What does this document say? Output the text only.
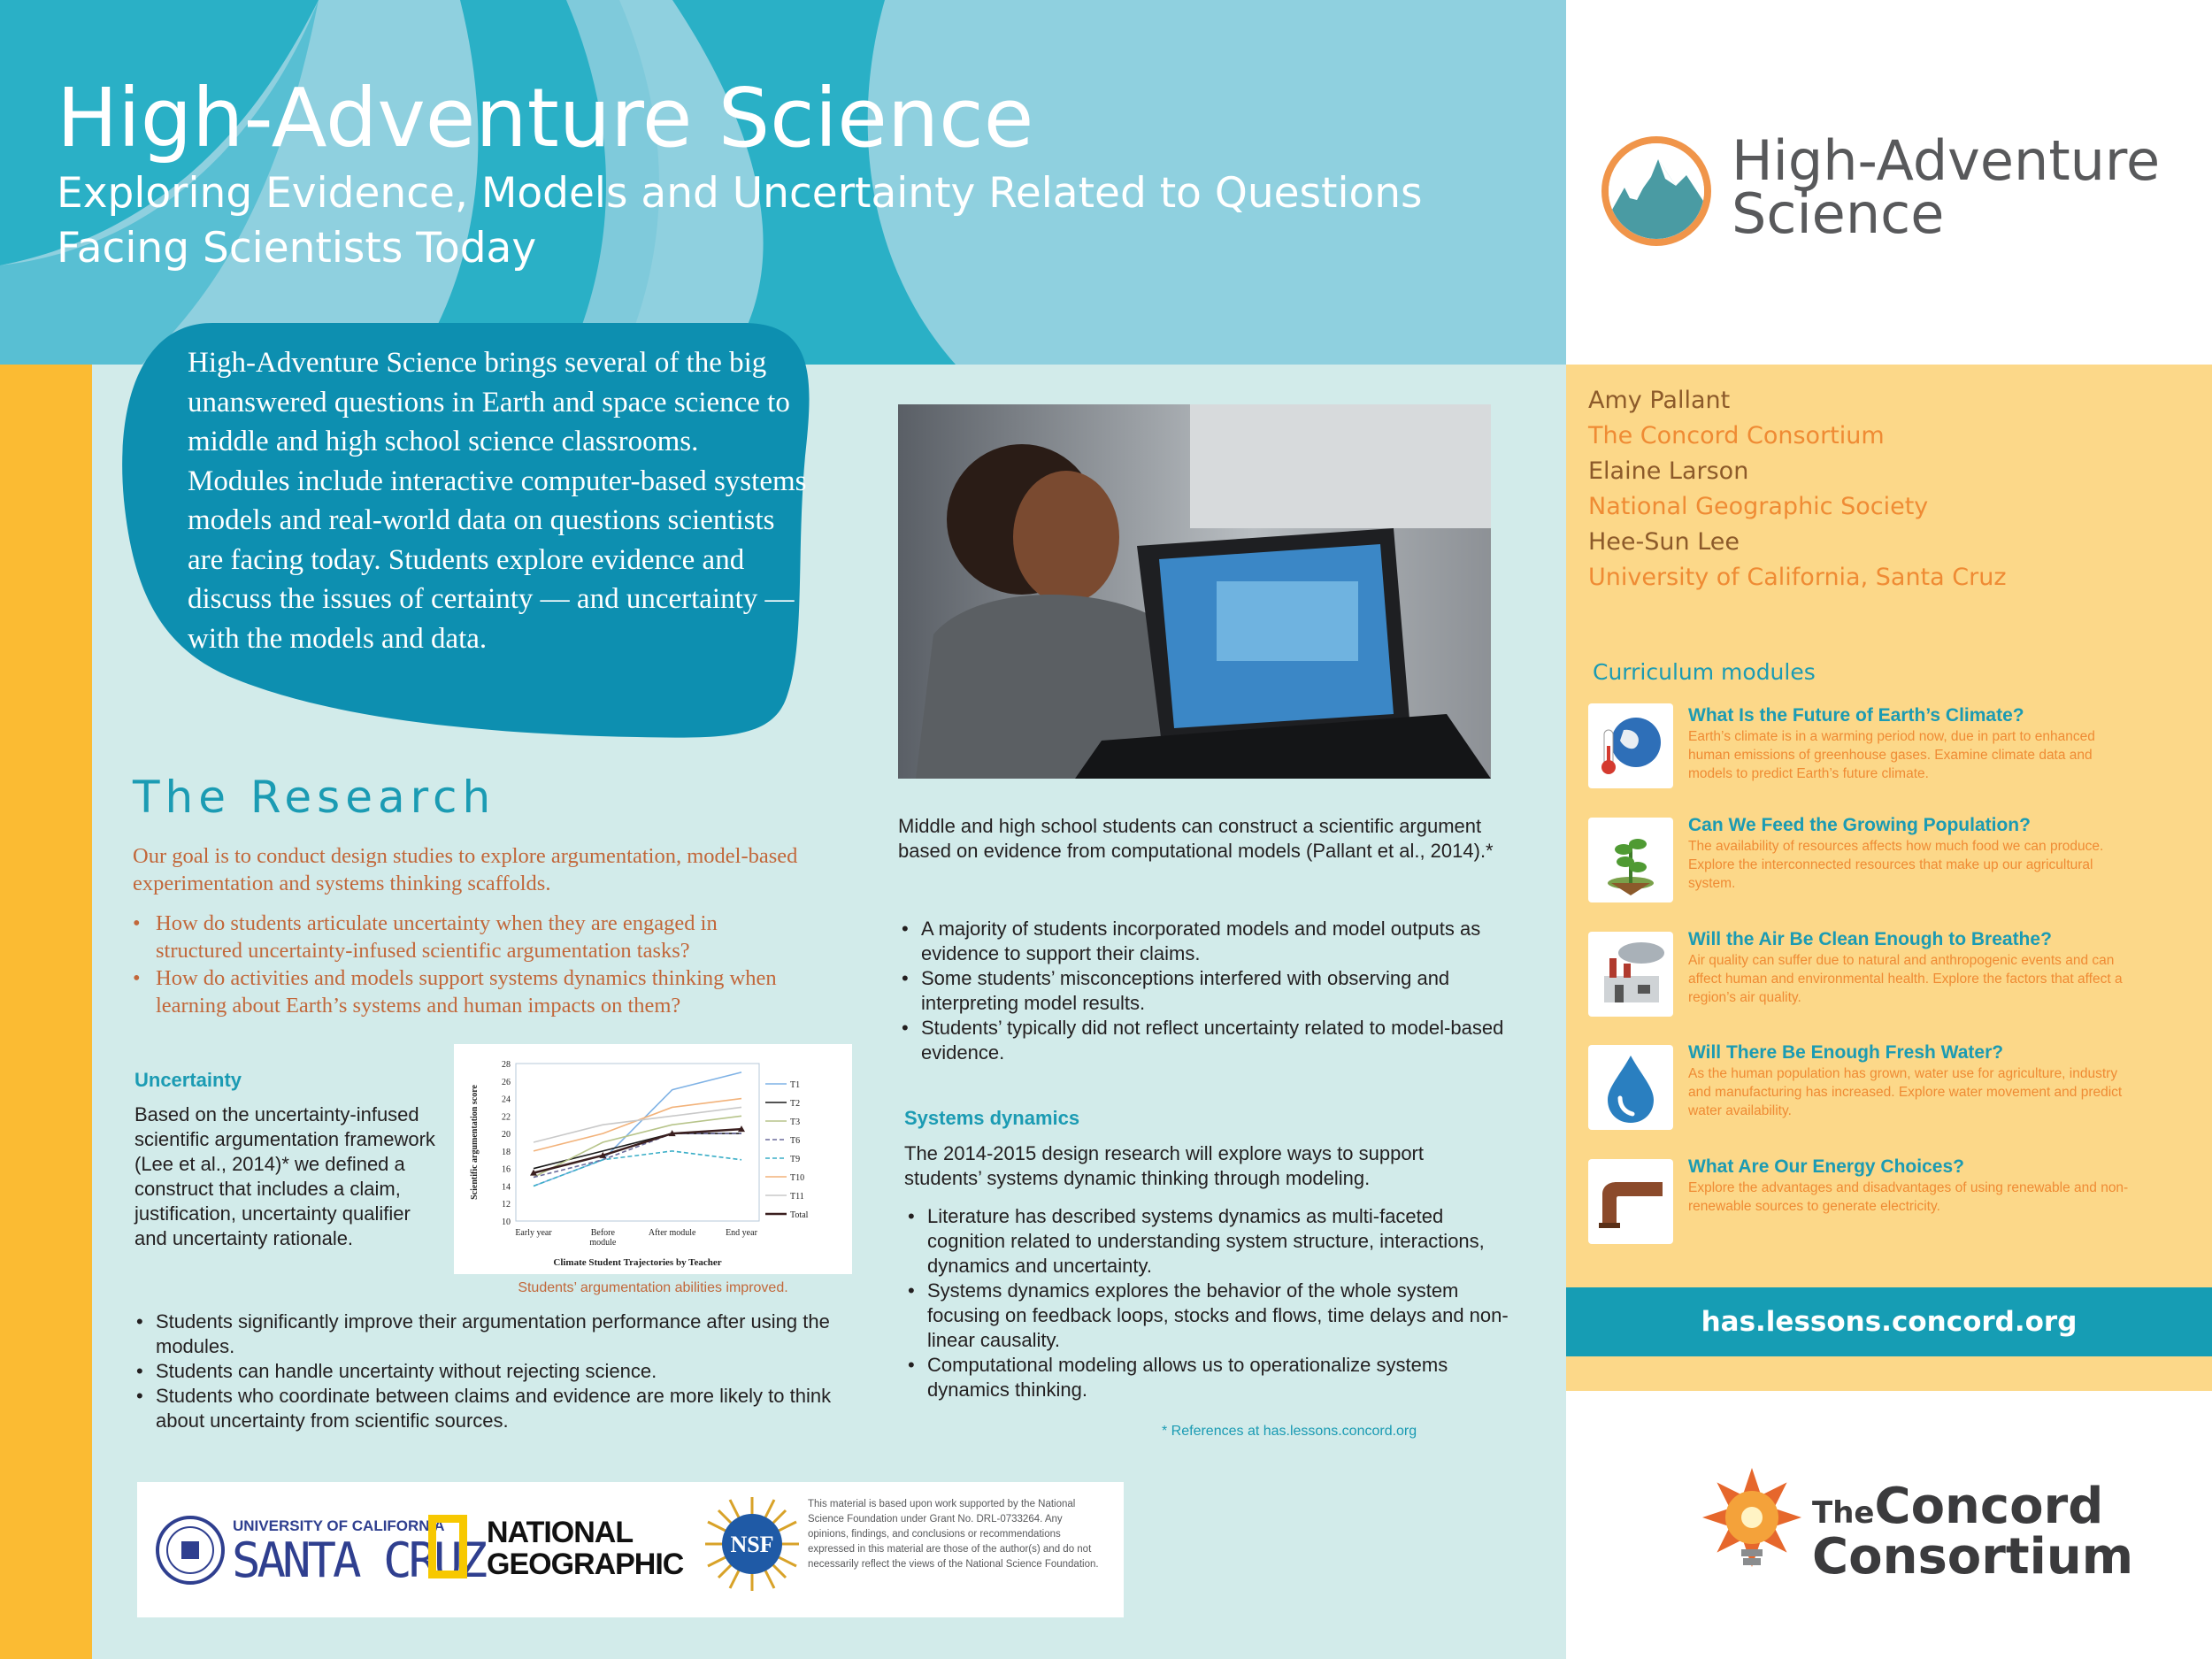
High-Adventure Science
Exploring Evidence, Models and Uncertainty Related to Questions Facing Scientists Today
High-Adventure
Science
High-Adventure Science brings several of the big unanswered questions in Earth and space science to middle and high school science classrooms. Modules include interactive computer-based systems models and real-world data on questions scientists are facing today. Students explore evidence and discuss the issues of certainty — and uncertainty — with the models and data.
The Research
Our goal is to conduct design studies to explore argumentation, model-based experimentation and systems thinking scaffolds.
• How do students articulate uncertainty when they are engaged in structured uncertainty-infused scientific argumentation tasks?
• How do activities and models support systems dynamics thinking when learning about Earth’s systems and human impacts on them?
Uncertainty
Based on the uncertainty-infused scientific argumentation framework (Lee et al., 2014)* we defined a construct that includes a claim, justification, uncertainty qualifier and uncertainty rationale.
10
12
14
16
18
20
22
24
26
28
Early year	Before
module
After module	End year
Scientific argumentation score
Climate Student Trajectories by Teacher
T1
T2
T3
T6
T9
T10
T11
Total
Students’ argumentation abilities improved.
• Students significantly improve their argumentation performance after using the modules.
• Students can handle uncertainty without rejecting science.
• Students who coordinate between claims and evidence are more likely to think about uncertainty from scientific sources.
Middle and high school students can construct a scientific argument based on evidence from computational models (Pallant et al., 2014).*
• A majority of students incorporated models and model outputs as evidence to support their claims.
• Some students’ misconceptions interfered with observing and interpreting model results.
• Students’ typically did not reflect uncertainty related to model-based evidence.
Systems dynamics
The 2014-2015 design research will explore ways to support students’ systems dynamic thinking through modeling.
• Literature has described systems dynamics as multi-faceted cognition related to understanding system structure, interactions, dynamics and uncertainty.
• Systems dynamics explores the behavior of the whole system focusing on feedback loops, stocks and flows, time delays and non-linear causality.
• Computational modeling allows us to operationalize systems dynamics thinking.
* References at has.lessons.concord.org
UNIVERSITY OF CALIFORNIA
SANTA CRUZ NATIONAL
GEOGRAPHIC
NSF
This material is based upon work supported by the National Science Foundation under Grant No. DRL-0733264. Any opinions, findings, and conclusions or recommendations expressed in this material are those of the author(s) and do not necessarily reflect the views of the National Science Foundation.
Amy Pallant
The Concord Consortium
Elaine Larson
National Geographic Society
Hee-Sun Lee
University of California, Santa Cruz
Curriculum modules
What Is the Future of Earth’s Climate?
Earth’s climate is in a warming period now, due in part to enhanced human emissions of greenhouse gases. Examine climate data and models to predict Earth’s future climate.
Can We Feed the Growing Population?
The availability of resources affects how much food we can produce. Explore the interconnected resources that make up our agricultural system.
Will the Air Be Clean Enough to Breathe?
Air quality can suffer due to natural and anthropogenic events and can affect human and environmental health. Explore the factors that affect a region’s air quality.
Will There Be Enough Fresh Water?
As the human population has grown, water use for agriculture, industry and manufacturing has increased. Explore water movement and predict water availability.
What Are Our Energy Choices?
Explore the advantages and disadvantages of using renewable and non-renewable sources to generate electricity.
has.lessons.concord.org
TheConcord
Consortium
